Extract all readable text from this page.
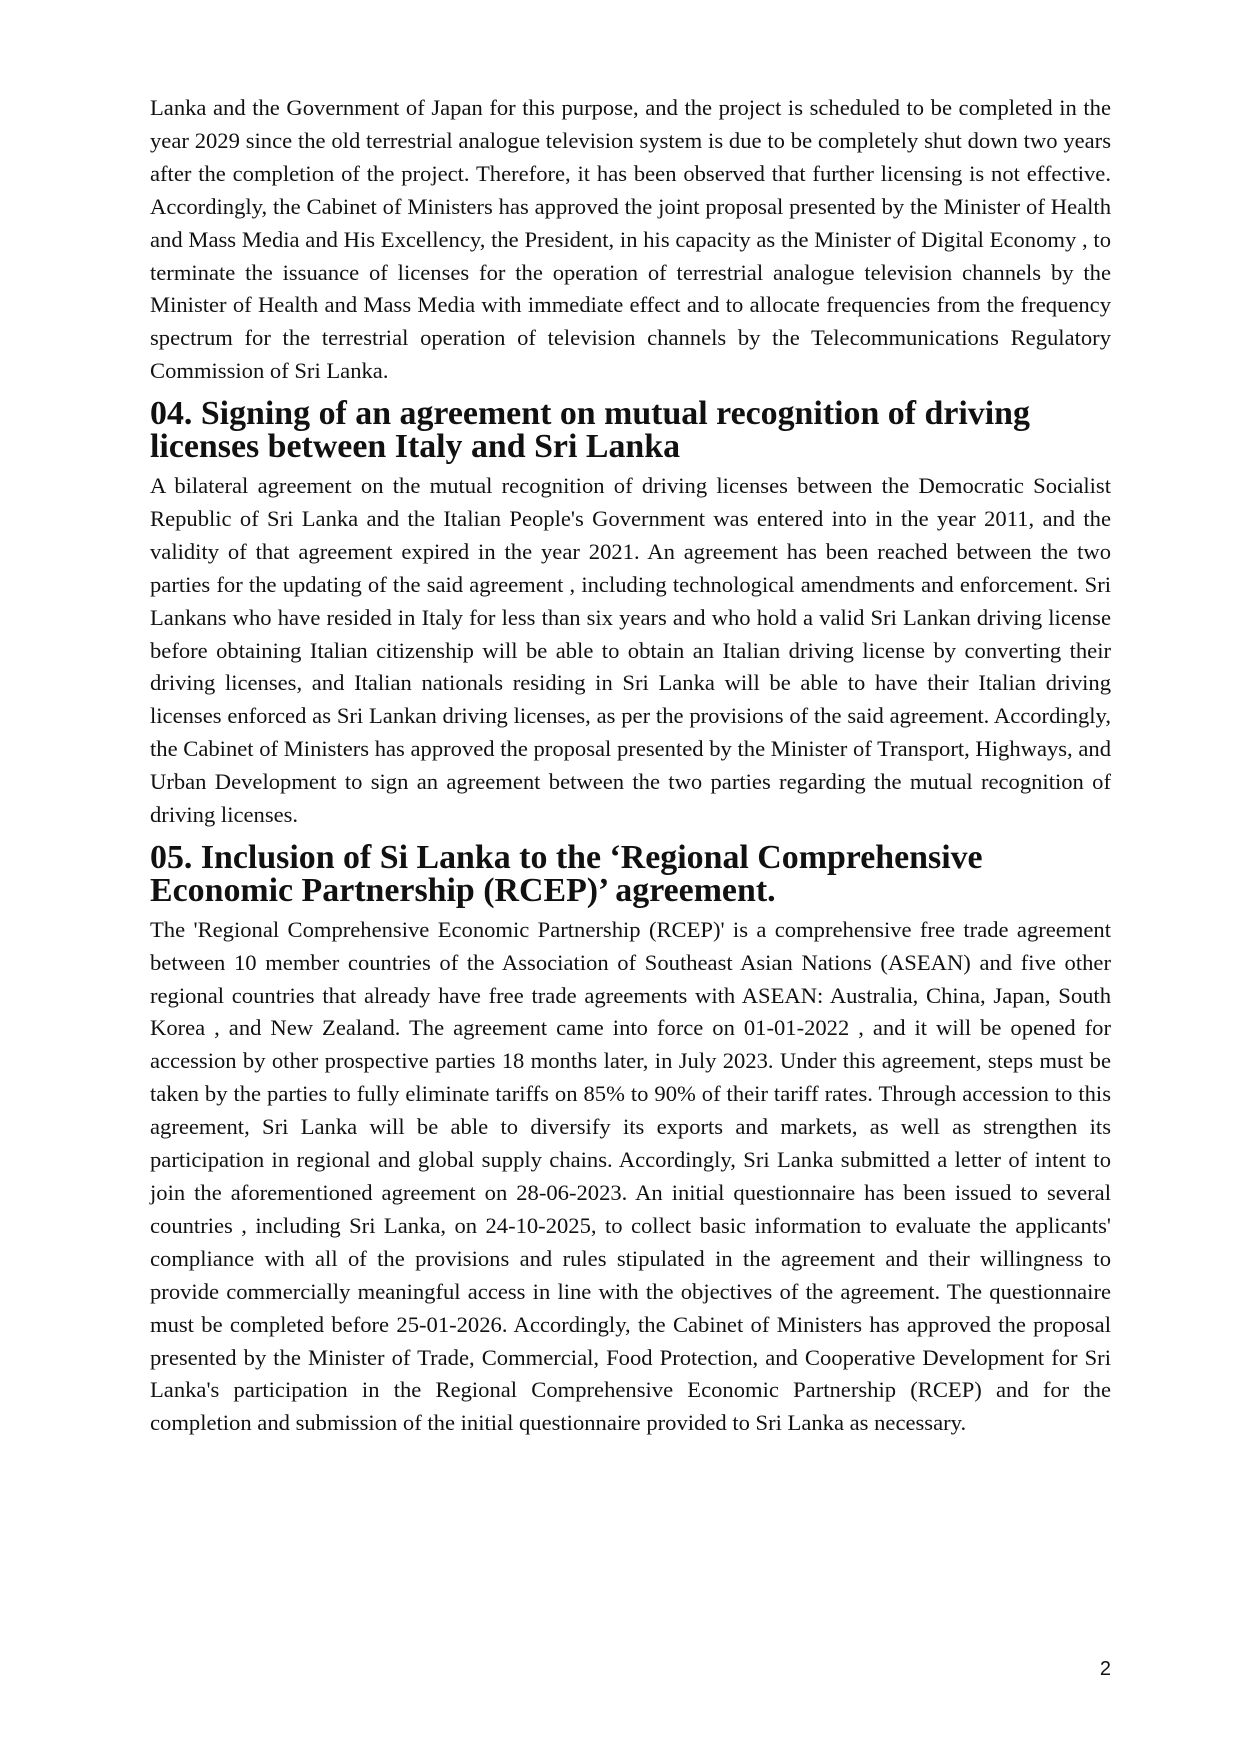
Lanka and the Government of Japan for this purpose, and the project is scheduled to be completed in the year 2029 since the old terrestrial analogue television system is due to be completely shut down two years after the completion of the project. Therefore, it has been observed that further licensing is not effective. Accordingly, the Cabinet of Ministers has approved the joint proposal presented by the Minister of Health and Mass Media and His Excellency, the President, in his capacity as the Minister of Digital Economy , to terminate the issuance of licenses for the operation of terrestrial analogue television channels by the Minister of Health and Mass Media with immediate effect and to allocate frequencies from the frequency spectrum for the terrestrial operation of television channels by the Telecommunications Regulatory Commission of Sri Lanka.

04. Signing of an agreement on mutual recognition of driving licenses between Italy and Sri Lanka

A bilateral agreement on the mutual recognition of driving licenses between the Democratic Socialist Republic of Sri Lanka and the Italian People's Government was entered into in the year 2011, and the validity of that agreement expired in the year 2021. An agreement has been reached between the two parties for the updating of the said agreement , including technological amendments and enforcement. Sri Lankans who have resided in Italy for less than six years and who hold a valid Sri Lankan driving license before obtaining Italian citizenship will be able to obtain an Italian driving license by converting their driving licenses, and Italian nationals residing in Sri Lanka will be able to have their Italian driving licenses enforced as Sri Lankan driving licenses, as per the provisions of the said agreement. Accordingly, the Cabinet of Ministers has approved the proposal presented by the Minister of Transport, Highways, and Urban Development to sign an agreement between the two parties regarding the mutual recognition of driving licenses.

05. Inclusion of Si Lanka to the ‘Regional Comprehensive Economic Partnership (RCEP)’ agreement.

The 'Regional Comprehensive Economic Partnership (RCEP)' is a comprehensive free trade agreement between 10 member countries of the Association of Southeast Asian Nations (ASEAN) and five other regional countries that already have free trade agreements with ASEAN: Australia, China, Japan, South Korea , and New Zealand. The agreement came into force on 01-01-2022 , and it will be opened for accession by other prospective parties 18 months later, in July 2023. Under this agreement, steps must be taken by the parties to fully eliminate tariffs on 85% to 90% of their tariff rates. Through accession to this agreement, Sri Lanka will be able to diversify its exports and markets, as well as strengthen its participation in regional and global supply chains. Accordingly, Sri Lanka submitted a letter of intent to join the aforementioned agreement on 28-06-2023. An initial questionnaire has been issued to several countries , including Sri Lanka, on 24-10-2025, to collect basic information to evaluate the applicants' compliance with all of the provisions and rules stipulated in the agreement and their willingness to provide commercially meaningful access in line with the objectives of the agreement. The questionnaire must be completed before 25-01-2026. Accordingly, the Cabinet of Ministers has approved the proposal presented by the Minister of Trade, Commercial, Food Protection, and Cooperative Development for Sri Lanka's participation in the Regional Comprehensive Economic Partnership (RCEP) and for the completion and submission of the initial questionnaire provided to Sri Lanka as necessary.

2
